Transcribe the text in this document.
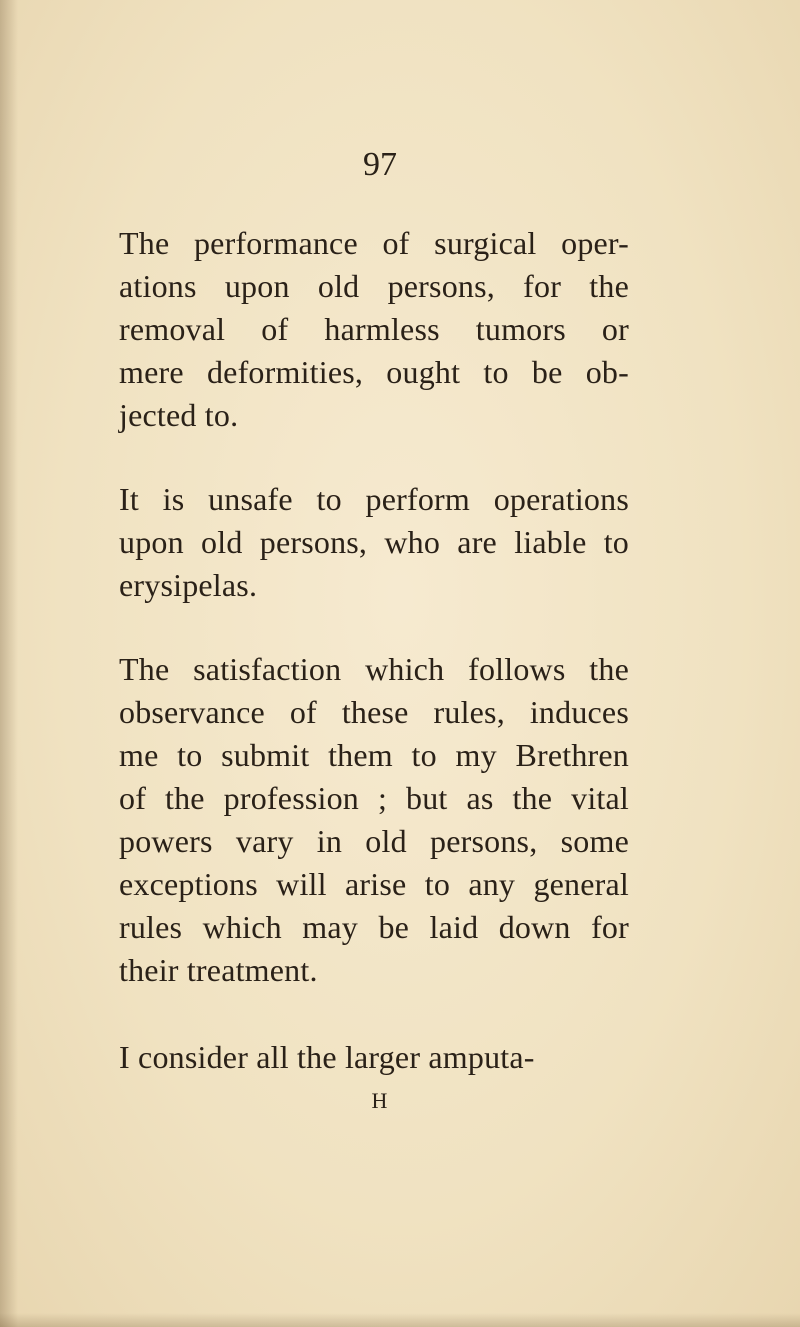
97
The performance of surgical oper-
ations upon old persons, for the
removal of harmless tumors or
mere deformities, ought to be ob-
jected to.
It is unsafe to perform operations
upon old persons, who are liable to
erysipelas.
The satisfaction which follows the
observance of these rules, induces
me to submit them to my Brethren
of the profession ; but as the vital
powers vary in old persons, some
exceptions will arise to any general
rules which may be laid down for
their treatment.
I consider all the larger amputa-
H
